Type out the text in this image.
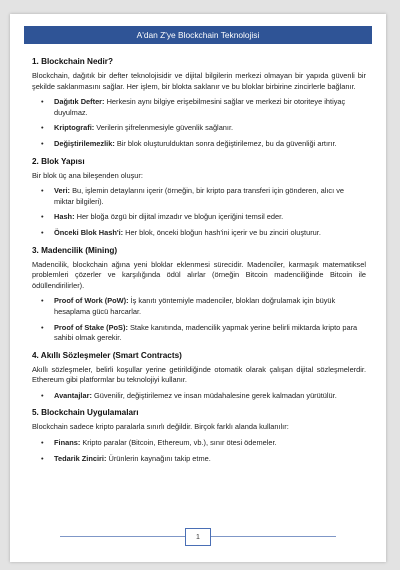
A'dan Z'ye Blockchain Teknolojisi
1. Blockchain Nedir?

Blockchain, dağıtık bir defter teknolojisidir ve dijital bilgilerin merkezi olmayan bir yapıda güvenli bir şekilde saklanmasını sağlar. Her işlem, bir blokta saklanır ve bu bloklar birbirine zincirlerle bağlanır.

• Dağıtık Defter: Herkesin aynı bilgiye erişebilmesini sağlar ve merkezi bir otoriteye ihtiyaç duyulmaz.
• Kriptografi: Verilerin şifrelenmesiyle güvenlik sağlanır.
• Değiştirilemezlik: Bir blok oluşturulduktan sonra değiştirilemez, bu da güvenliği artırır.
2. Blok Yapısı

Bir blok üç ana bileşenden oluşur:

• Veri: Bu, işlemin detaylarını içerir (örneğin, bir kripto para transferi için gönderen, alıcı ve miktar bilgileri).
• Hash: Her bloğa özgü bir dijital imzadır ve bloğun içeriğini temsil eder.
• Önceki Blok Hash'i: Her blok, önceki bloğun hash'ini içerir ve bu zinciri oluşturur.
3. Madencilik (Mining)

Madencilik, blockchain ağına yeni bloklar eklenmesi sürecidir. Madenciler, karmaşık matematiksel problemleri çözerler ve karşılığında ödül alırlar (örneğin Bitcoin madenciliğinde Bitcoin ile ödüllendirilirler).

• Proof of Work (PoW): İş kanıtı yöntemiyle madenciler, blokları doğrulamak için büyük hesaplama gücü harcarlar.
• Proof of Stake (PoS): Stake kanıtında, madencilik yapmak yerine belirli miktarda kripto para sahibi olmak gerekir.
4. Akıllı Sözleşmeler (Smart Contracts)

Akıllı sözleşmeler, belirli koşullar yerine getirildiğinde otomatik olarak çalışan dijital sözleşmelerdir. Ethereum gibi platformlar bu teknolojiyi kullanır.

• Avantajlar: Güvenilir, değiştirilemez ve insan müdahalesine gerek kalmadan yürütülür.
5. Blockchain Uygulamaları

Blockchain sadece kripto paralarla sınırlı değildir. Birçok farklı alanda kullanılır:

• Finans: Kripto paralar (Bitcoin, Ethereum, vb.), sınır ötesi ödemeler.
• Tedarik Zinciri: Ürünlerin kaynağını takip etme.
1
